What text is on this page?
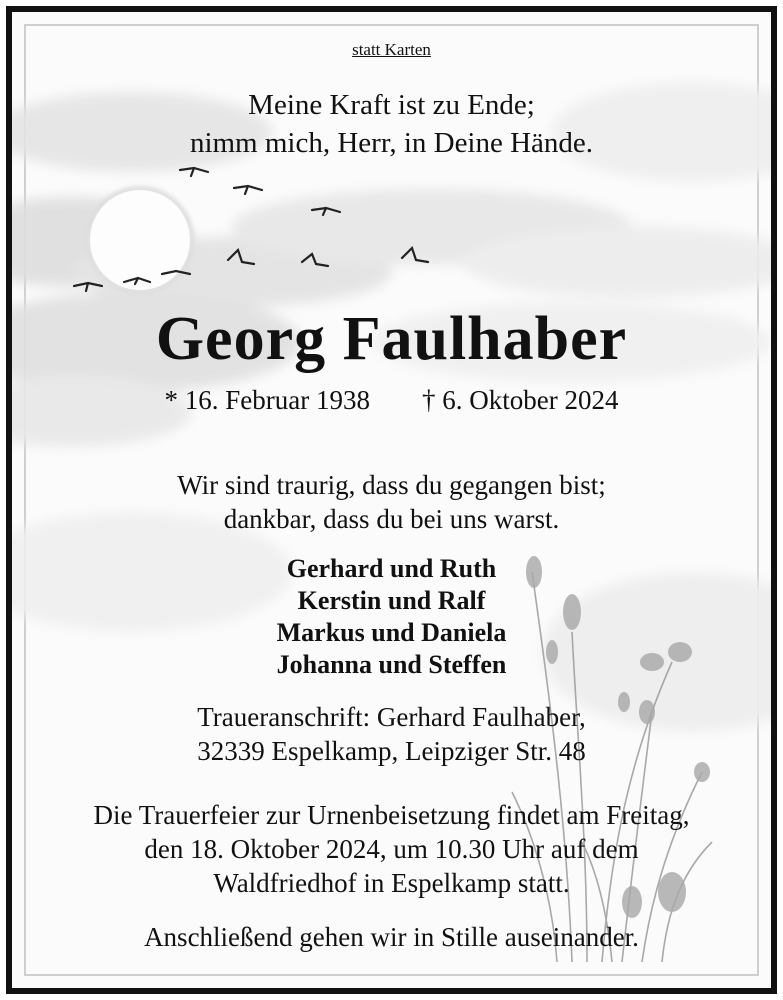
statt Karten
Meine Kraft ist zu Ende;
nimm mich, Herr, in Deine Hände.
Georg Faulhaber
* 16. Februar 1938 † 6. Oktober 2024
Wir sind traurig, dass du gegangen bist;
dankbar, dass du bei uns warst.
Gerhard und Ruth
Kerstin und Ralf
Markus und Daniela
Johanna und Steffen
Traueranschrift: Gerhard Faulhaber,
32339 Espelkamp, Leipziger Str. 48
Die Trauerfeier zur Urnenbeisetzung findet am Freitag,
den 18. Oktober 2024, um 10.30 Uhr auf dem
Waldfriedhof in Espelkamp statt.
Anschließend gehen wir in Stille auseinander.
